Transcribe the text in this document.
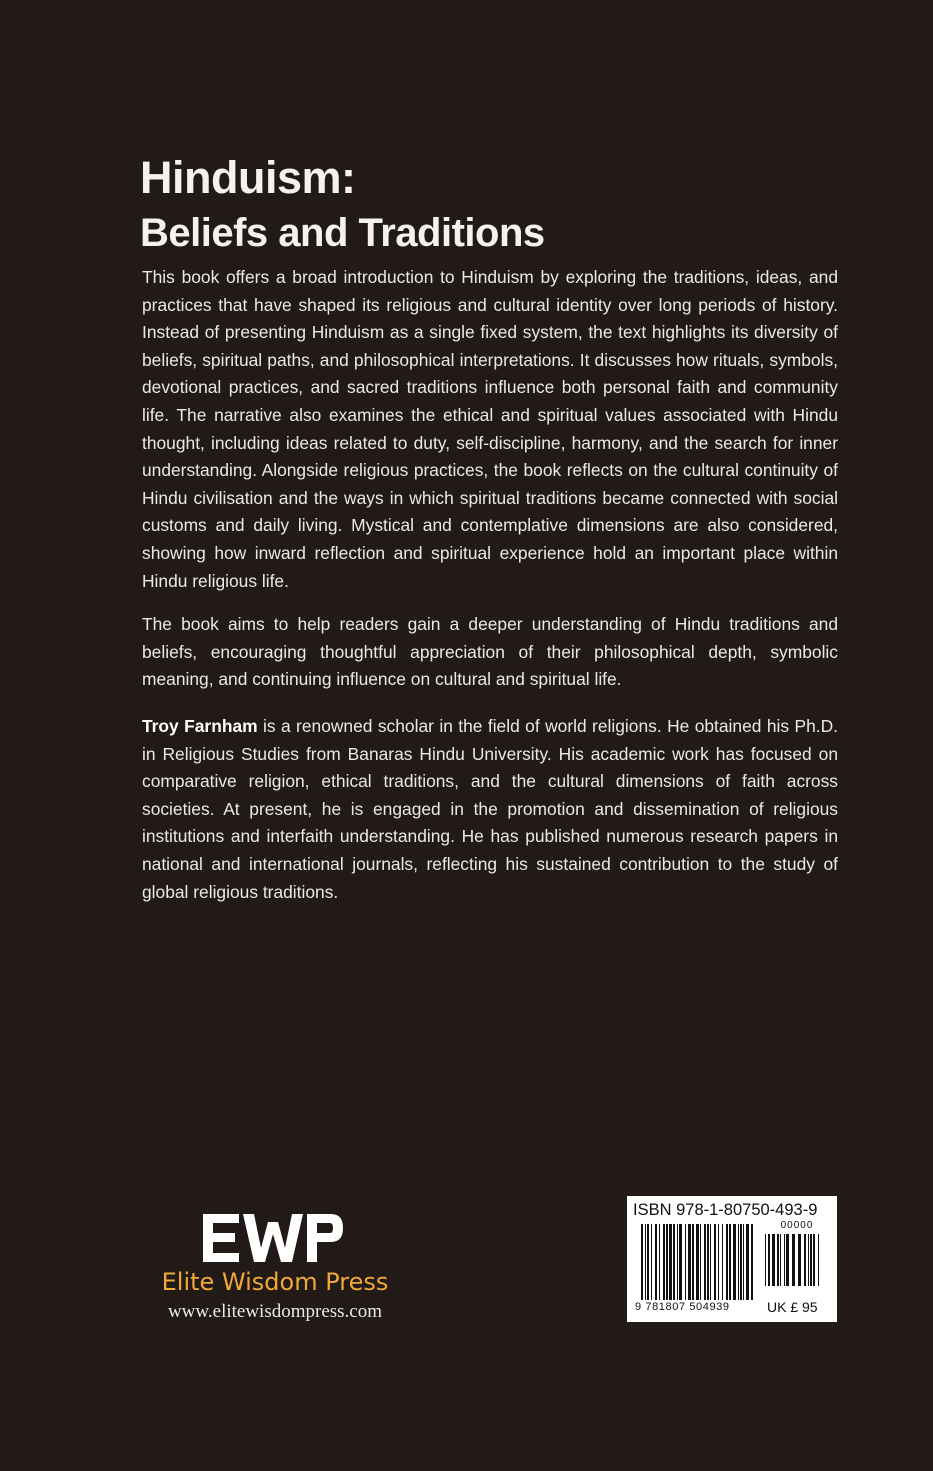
Hinduism:
Beliefs and Traditions

This book offers a broad introduction to Hinduism by exploring the traditions, ideas, and practices that have shaped its religious and cultural identity over long periods of history. Instead of presenting Hinduism as a single fixed system, the text highlights its diversity of beliefs, spiritual paths, and philosophical interpretations. It discusses how rituals, symbols, devotional practices, and sacred traditions influence both personal faith and community life. The narrative also examines the ethical and spiritual values associated with Hindu thought, including ideas related to duty, self-discipline, harmony, and the search for inner understanding. Alongside religious practices, the book reflects on the cultural continuity of Hindu civilisation and the ways in which spiritual traditions became connected with social customs and daily living. Mystical and contemplative dimensions are also considered, showing how inward reflection and spiritual experience hold an important place within Hindu religious life.

The book aims to help readers gain a deeper understanding of Hindu traditions and beliefs, encouraging thoughtful appreciation of their philosophical depth, symbolic meaning, and continuing influence on cultural and spiritual life.

Troy Farnham is a renowned scholar in the field of world religions. He obtained his Ph.D. in Religious Studies from Banaras Hindu University. His academic work has focused on comparative religion, ethical traditions, and the cultural dimensions of faith across societies. At present, he is engaged in the promotion and dissemination of religious institutions and interfaith understanding. He has published numerous research papers in national and international journals, reflecting his sustained contribution to the study of global religious traditions.

Elite Wisdom Press
www.elitewisdompress.com
ISBN 978-1-80750-493-9
00000
9 781807 504939	UK £ 95
